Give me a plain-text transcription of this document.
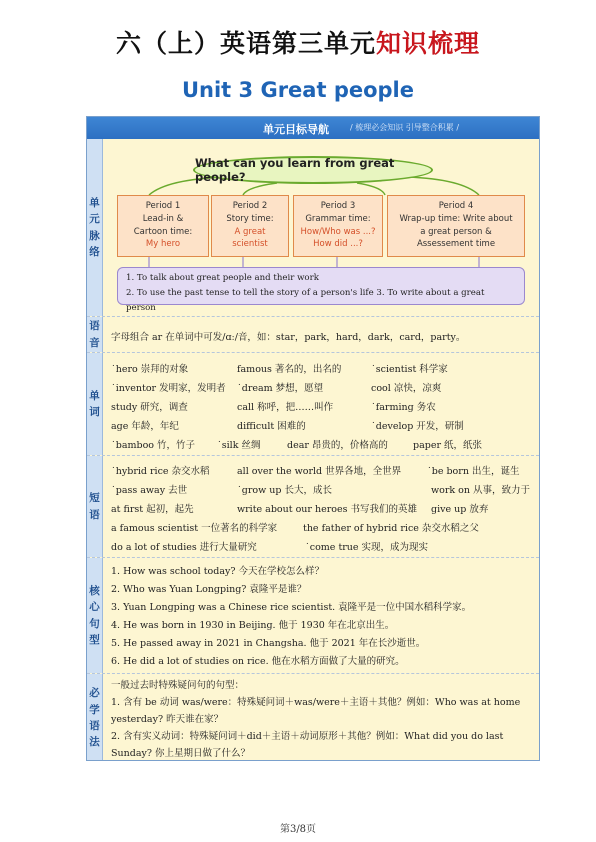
六（上）英语第三单元知识梳理
Unit 3 Great people
单元目标导航	/ 梳理必会知识 引导整合积累 /
单
元
脉
络
What can you learn from great people?
Period 1
Lead-in &
Cartoon time:
My hero
Period 2
Story time:
A great
scientist
Period 3
Grammar time:
How/Who was ...?
How did ...?
Period 4
Wrap-up time: Write about
a great person &
Assessement time
1. To talk about great people and their work
2. To use the past tense to tell the story of a person's life 3. To write about a great person
语
音 字母组合 ar 在单词中可发/ɑː/音，如：star，park，hard，dark，card，party。
单
词
˙hero 崇拜的对象	famous 著名的，出名的	˙scientist 科学家
˙inventor 发明家，发明者 ˙dream 梦想，愿望	cool 凉快，凉爽
study 研究，调查	call 称呼，把……叫作	˙farming 务农
age 年龄，年纪	difficult 困难的	˙develop 开发，研制
˙bamboo 竹，竹子 ˙silk 丝绸	dear 昂贵的，价格高的	paper 纸，纸张
短
语
˙hybrid rice 杂交水稻	all over the world 世界各地，全世界	˙be born 出生，诞生
˙pass away 去世	˙grow up 长大，成长	work on 从事，致力于
at first 起初，起先	write about our heroes 书写我们的英雄 give up 放弃
a famous scientist 一位著名的科学家	the father of hybrid rice 杂交水稻之父
do a lot of studies 进行大量研究	˙come true 实现，成为现实
核
心
句
型
1. How was school today? 今天在学校怎么样？
2. Who was Yuan Longping? 袁隆平是谁？
3. Yuan Longping was a Chinese rice scientist. 袁隆平是一位中国水稻科学家。
4. He was born in 1930 in Beijing. 他于 1930 年在北京出生。
5. He passed away in 2021 in Changsha. 他于 2021 年在长沙逝世。
6. He did a lot of studies on rice. 他在水稻方面做了大量的研究。
必
学
语
法
一般过去时特殊疑问句的句型：
1. 含有 be 动词 was/were：特殊疑问词＋was/were＋主语＋其他？例如：Who was at home
yesterday? 昨天谁在家？
2. 含有实义动词：特殊疑问词＋did＋主语＋动词原形＋其他？例如：What did you do last
Sunday? 你上星期日做了什么？
第3/8页
